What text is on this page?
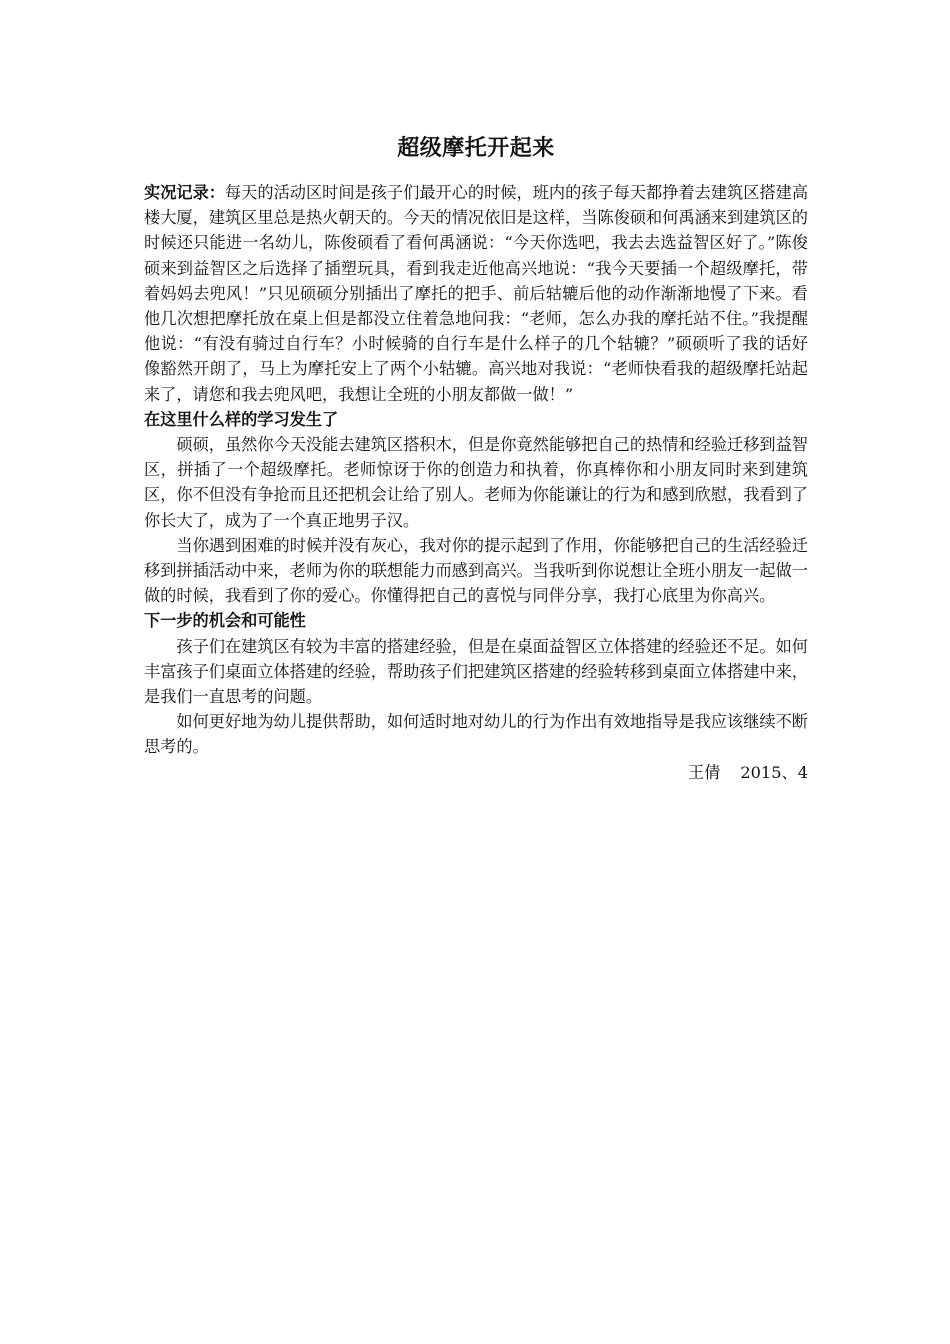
超级摩托开起来

实况记录：每天的活动区时间是孩子们最开心的时候，班内的孩子每天都挣着去建筑区搭建高楼大厦，建筑区里总是热火朝天的。今天的情况依旧是这样，当陈俊硕和何禹涵来到建筑区的时候还只能进一名幼儿，陈俊硕看了看何禹涵说：“今天你选吧，我去去选益智区好了。”陈俊硕来到益智区之后选择了插塑玩具，看到我走近他高兴地说：“我今天要插一个超级摩托，带着妈妈去兜风！”只见硕硕分别插出了摩托的把手、前后轱辘后他的动作渐渐地慢了下来。看他几次想把摩托放在桌上但是都没立住着急地问我：“老师，怎么办我的摩托站不住。”我提醒他说：“有没有骑过自行车？小时候骑的自行车是什么样子的几个轱辘？”硕硕听了我的话好像豁然开朗了，马上为摩托安上了两个小轱辘。高兴地对我说：“老师快看我的超级摩托站起来了，请您和我去兜风吧，我想让全班的小朋友都做一做！”

在这里什么样的学习发生了

硕硕，虽然你今天没能去建筑区搭积木，但是你竟然能够把自己的热情和经验迁移到益智区，拼插了一个超级摩托。老师惊讶于你的创造力和执着，你真棒你和小朋友同时来到建筑区，你不但没有争抢而且还把机会让给了别人。老师为你能谦让的行为和感到欣慰，我看到了你长大了，成为了一个真正地男子汉。

当你遇到困难的时候并没有灰心，我对你的提示起到了作用，你能够把自己的生活经验迁移到拼插活动中来，老师为你的联想能力而感到高兴。当我听到你说想让全班小朋友一起做一做的时候，我看到了你的爱心。你懂得把自己的喜悦与同伴分享，我打心底里为你高兴。

下一步的机会和可能性

孩子们在建筑区有较为丰富的搭建经验，但是在桌面益智区立体搭建的经验还不足。如何丰富孩子们桌面立体搭建的经验，帮助孩子们把建筑区搭建的经验转移到桌面立体搭建中来，是我们一直思考的问题。

如何更好地为幼儿提供帮助，如何适时地对幼儿的行为作出有效地指导是我应该继续不断思考的。

王倩 2015、4
